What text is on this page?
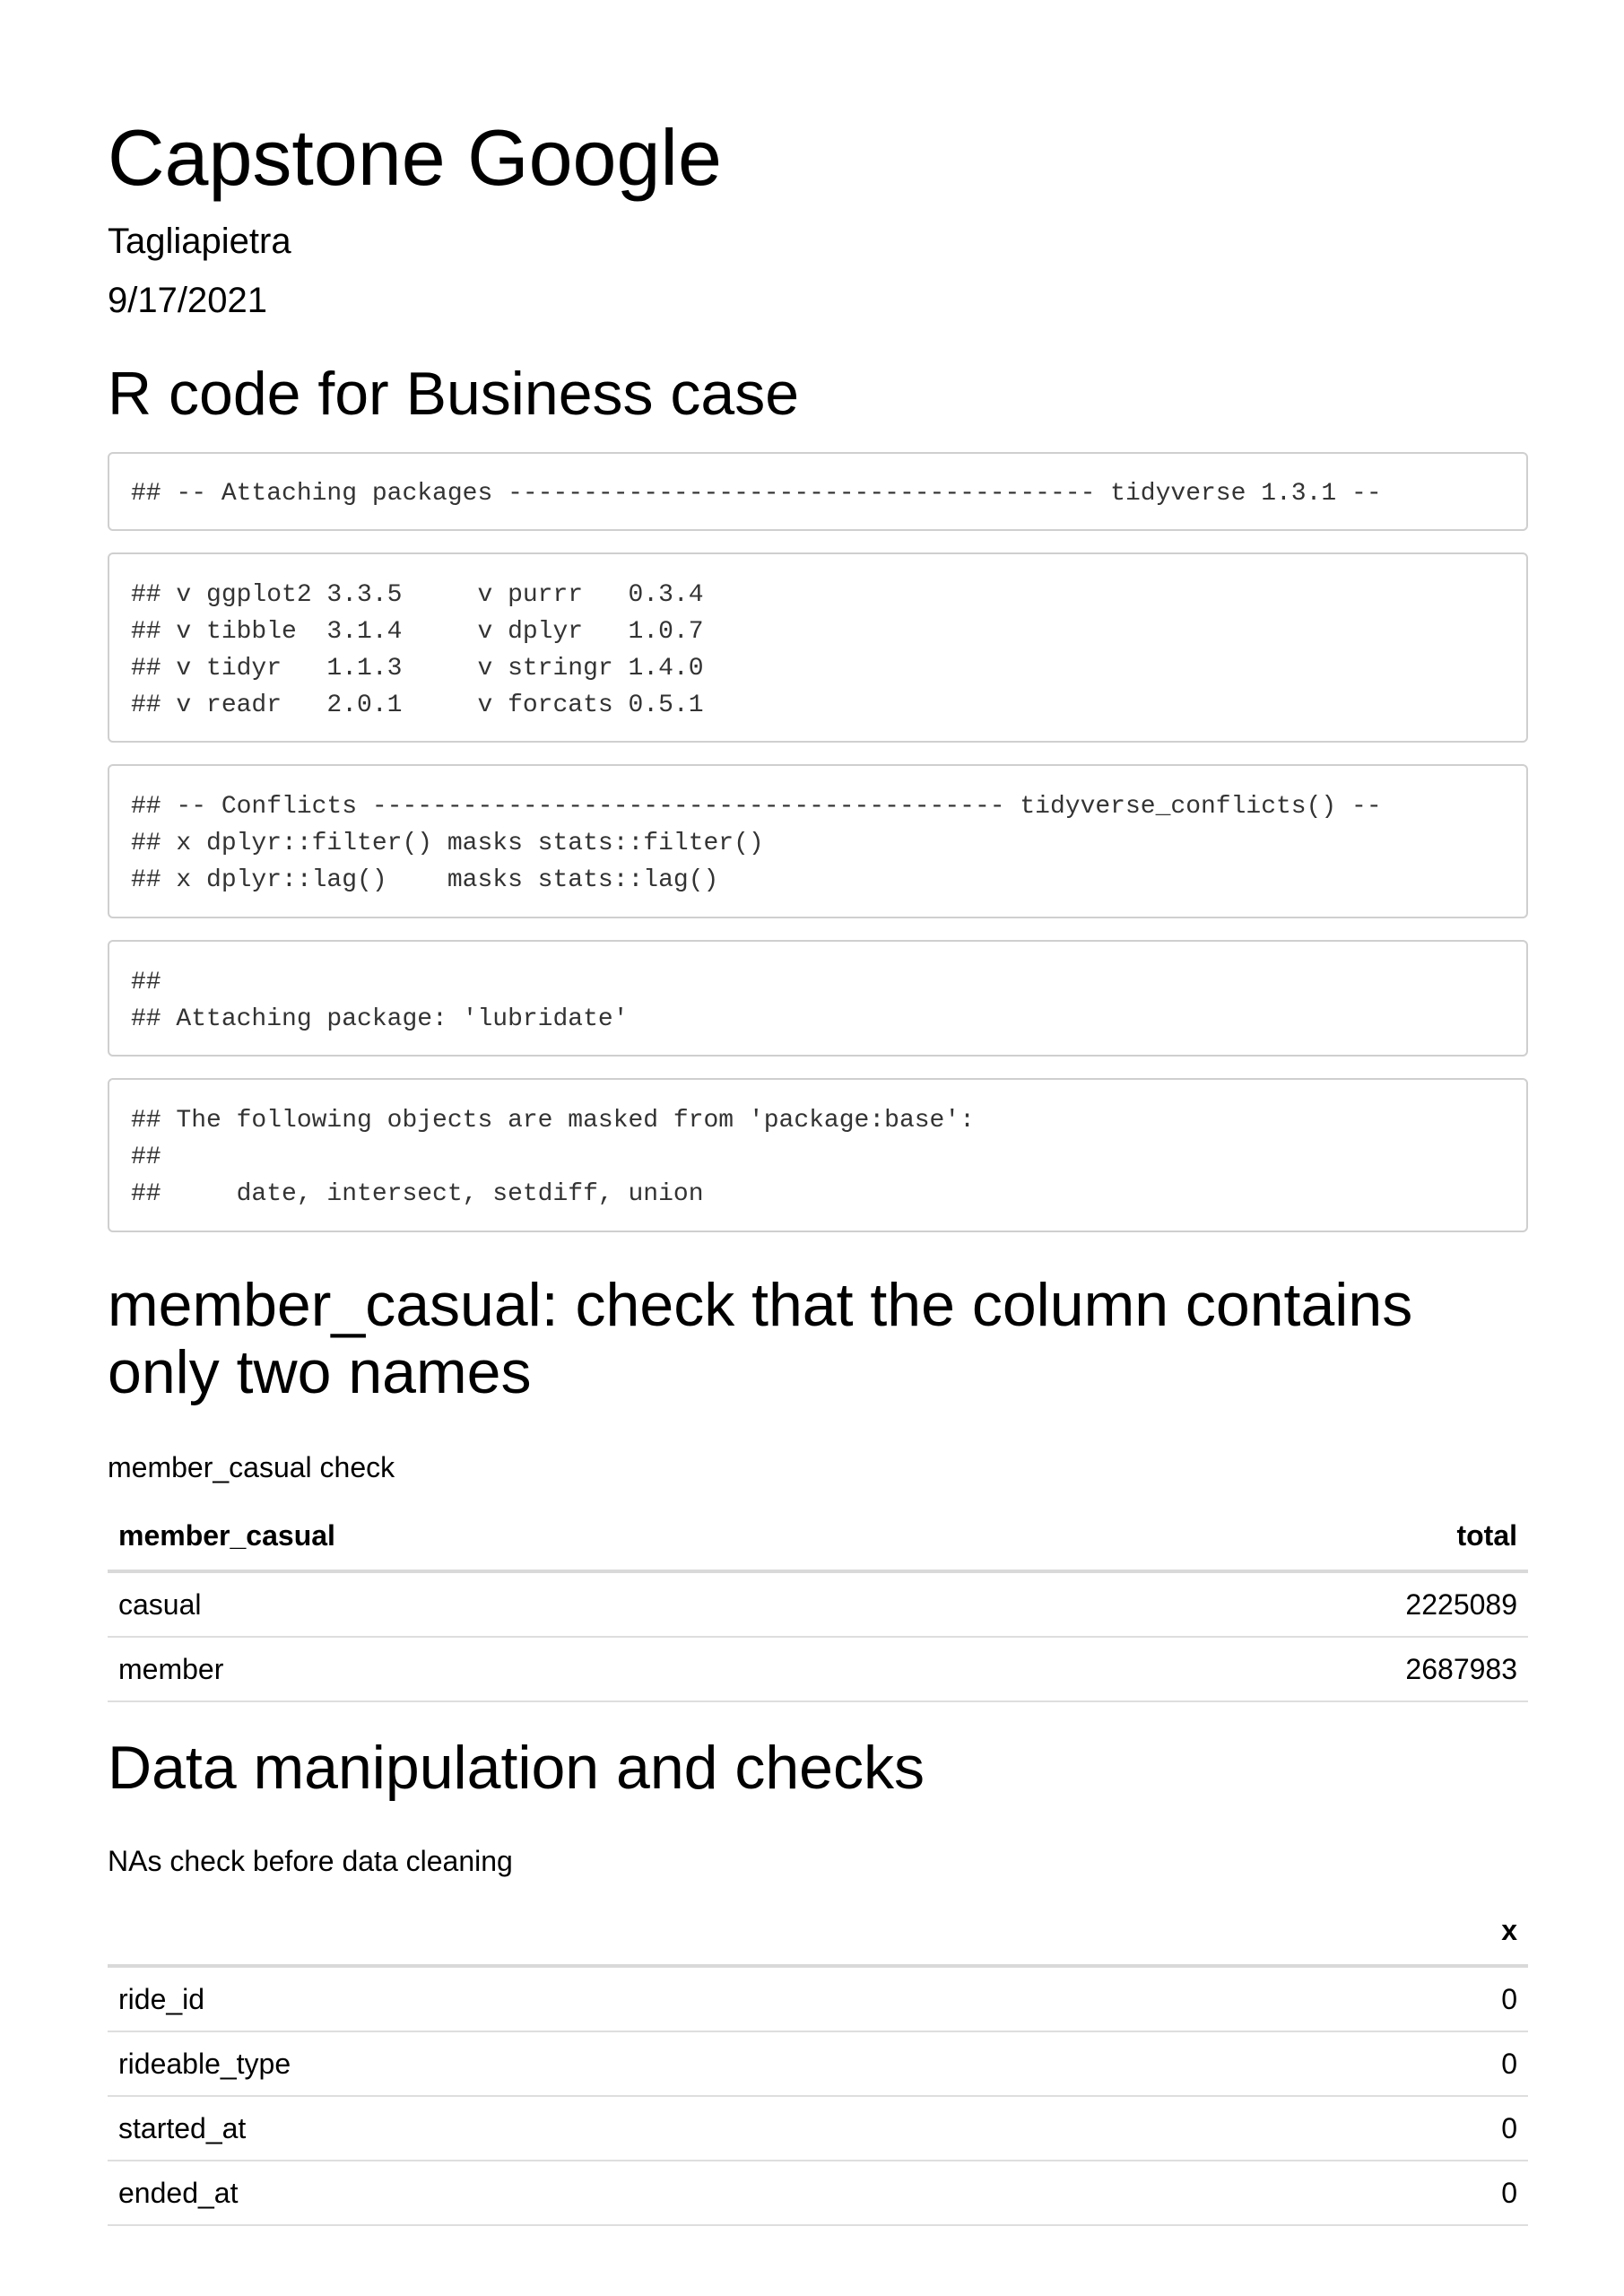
Capstone Google
Tagliapietra
9/17/2021
R code for Business case
## -- Attaching packages --------------------------------------- tidyverse 1.3.1 --
## v ggplot2 3.3.5     v purrr   0.3.4
## v tibble  3.1.4     v dplyr   1.0.7
## v tidyr   1.1.3     v stringr 1.4.0
## v readr   2.0.1     v forcats 0.5.1
## -- Conflicts ------------------------------------------ tidyverse_conflicts() --
## x dplyr::filter() masks stats::filter()
## x dplyr::lag()    masks stats::lag()
##
## Attaching package: 'lubridate'
## The following objects are masked from 'package:base':
##
##     date, intersect, setdiff, union
member_casual: check that the column contains only two names
member_casual check
member_casual	total
casual	2225089
member	2687983
Data manipulation and checks
NAs check before data cleaning
	x
ride_id	0
rideable_type	0
started_at	0
ended_at	0
